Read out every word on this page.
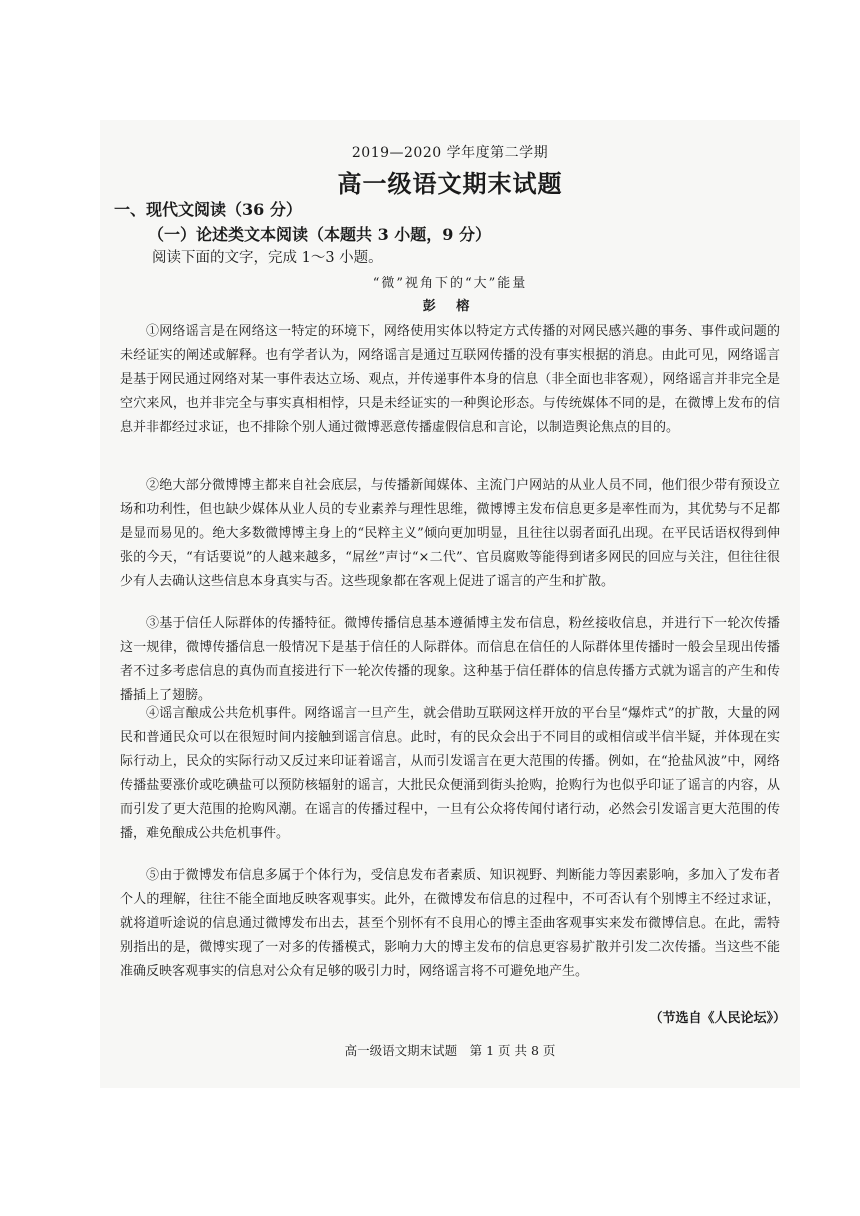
2019—2020 学年度第二学期
高一级语文期末试题
一、现代文阅读（36 分）
（一）论述类文本阅读（本题共 3 小题，9 分）
阅读下面的文字，完成 1～3 小题。
“微”视角下的“大”能量
彭 榕

①网络谣言是在网络这一特定的环境下，网络使用实体以特定方式传播的对网民感兴趣的事务、事件或问题的未经证实的阐述或解释。也有学者认为，网络谣言是通过互联网传播的没有事实根据的消息。由此可见，网络谣言是基于网民通过网络对某一事件表达立场、观点，并传递事件本身的信息（非全面也非客观），网络谣言并非完全是空穴来风，也并非完全与事实真相相悖，只是未经证实的一种舆论形态。与传统媒体不同的是，在微博上发布的信息并非都经过求证，也不排除个别人通过微博恶意传播虚假信息和言论，以制造舆论焦点的目的。

②绝大部分微博博主都来自社会底层，与传播新闻媒体、主流门户网站的从业人员不同，他们很少带有预设立场和功利性，但也缺少媒体从业人员的专业素养与理性思维，微博博主发布信息更多是率性而为，其优势与不足都是显而易见的。绝大多数微博博主身上的“民粹主义”倾向更加明显，且往往以弱者面孔出现。在平民话语权得到伸张的今天，“有话要说”的人越来越多，“屌丝”声讨“×二代”、官员腐败等能得到诸多网民的回应与关注，但往往很少有人去确认这些信息本身真实与否。这些现象都在客观上促进了谣言的产生和扩散。

③基于信任人际群体的传播特征。微博传播信息基本遵循博主发布信息，粉丝接收信息，并进行下一轮次传播这一规律，微博传播信息一般情况下是基于信任的人际群体。而信息在信任的人际群体里传播时一般会呈现出传播者不过多考虑信息的真伪而直接进行下一轮次传播的现象。这种基于信任群体的信息传播方式就为谣言的产生和传播插上了翅膀。

④谣言酿成公共危机事件。网络谣言一旦产生，就会借助互联网这样开放的平台呈“爆炸式”的扩散，大量的网民和普通民众可以在很短时间内接触到谣言信息。此时，有的民众会出于不同目的或相信或半信半疑，并体现在实际行动上，民众的实际行动又反过来印证着谣言，从而引发谣言在更大范围的传播。例如，在“抢盐风波”中，网络传播盐要涨价或吃碘盐可以预防核辐射的谣言，大批民众便涌到街头抢购，抢购行为也似乎印证了谣言的内容，从而引发了更大范围的抢购风潮。在谣言的传播过程中，一旦有公众将传闻付诸行动，必然会引发谣言更大范围的传播，难免酿成公共危机事件。

⑤由于微博发布信息多属于个体行为，受信息发布者素质、知识视野、判断能力等因素影响，多加入了发布者个人的理解，往往不能全面地反映客观事实。此外，在微博发布信息的过程中，不可否认有个别博主不经过求证，就将道听途说的信息通过微博发布出去，甚至个别怀有不良用心的博主歪曲客观事实来发布微博信息。在此，需特别指出的是，微博实现了一对多的传播模式，影响力大的博主发布的信息更容易扩散并引发二次传播。当这些不能准确反映客观事实的信息对公众有足够的吸引力时，网络谣言将不可避免地产生。

（节选自《人民论坛》）
高一级语文期末试题　第 1 页 共 8 页
